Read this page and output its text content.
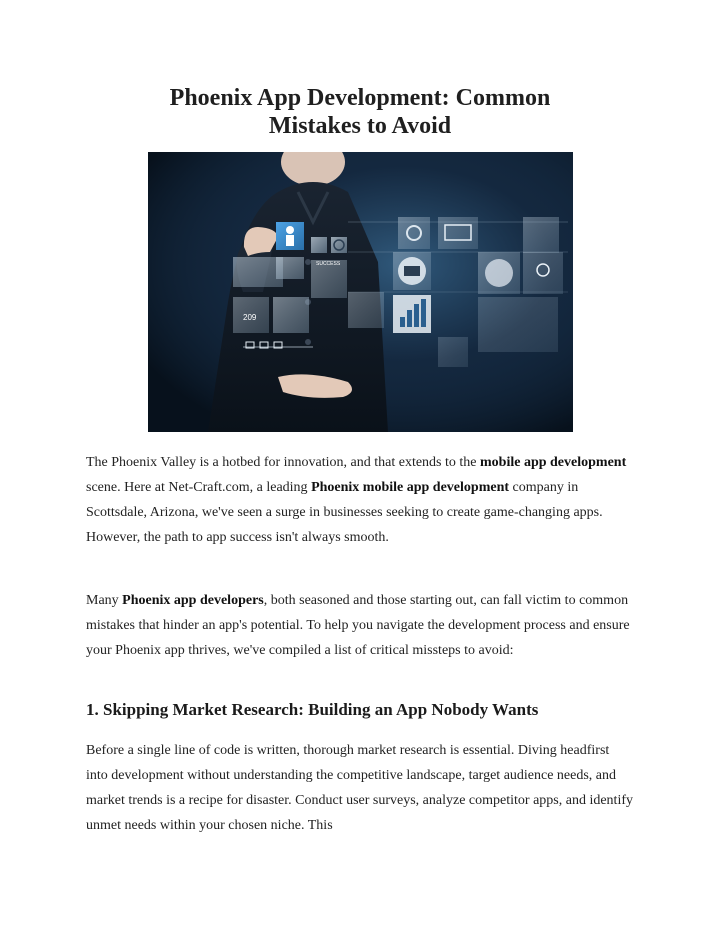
Phoenix App Development: Common
Mistakes to Avoid
SUCCESS
209

The Phoenix Valley is a hotbed for innovation, and that extends to the mobile app development scene. Here at Net-Craft.com, a leading Phoenix mobile app development company in Scottsdale, Arizona, we've seen a surge in businesses seeking to create game-changing apps. However, the path to app success isn't always smooth.

Many Phoenix app developers, both seasoned and those starting out, can fall victim to common mistakes that hinder an app's potential. To help you navigate the development process and ensure your Phoenix app thrives, we've compiled a list of critical missteps to avoid:

1. Skipping Market Research: Building an App Nobody Wants

Before a single line of code is written, thorough market research is essential. Diving headfirst into development without understanding the competitive landscape, target audience needs, and market trends is a recipe for disaster. Conduct user surveys, analyze competitor apps, and identify unmet needs within your chosen niche. This
